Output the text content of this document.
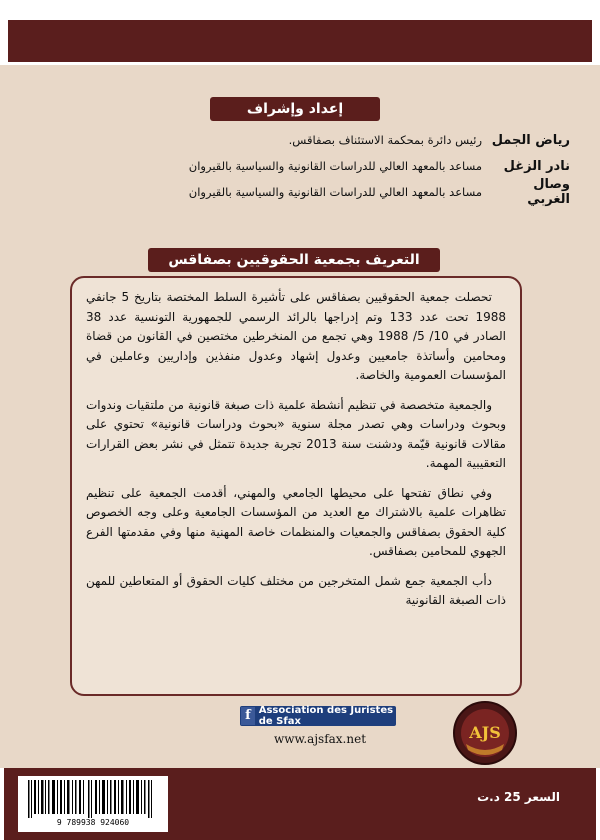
إعداد وإشراف
رياض الجمل
رئيس دائرة بمحكمة الاستئناف بصفاقس.
نادر الزغل
مساعد بالمعهد العالي للدراسات القانونية والسياسية بالقيروان
وصال الغربي
مساعد بالمعهد العالي للدراسات القانونية والسياسية بالقيروان
التعريف بجمعية الحقوقيين بصفاقس

تحصلت جمعية الحقوقيين بصفاقس على تأشيرة السلط المختصة بتاريخ 5 جانفي 1988 تحت عدد 133 وتم إدراجها بالرائد الرسمي للجمهورية التونسية عدد 38 الصادر في 10/ 5/ 1988 وهي تجمع من المنخرطين مختصين في القانون من قضاة ومحامين وأساتذة جامعيين وعدول إشهاد وعدول منفذين وإداريين وعاملين في المؤسسات العمومية والخاصة.

والجمعية متخصصة في تنظيم أنشطة علمية ذات صبغة قانونية من ملتقيات وندوات وبحوث ودراسات وهي تصدر مجلة سنوية «بحوث ودراسات قانونية» تحتوي على مقالات قانونية قيّمة ودشنت سنة 2013 تجربة جديدة تتمثل في نشر بعض القرارات التعقيبية المهمة.

وفي نطاق تفتحها على محيطها الجامعي والمهني، أقدمت الجمعية على تنظيم تظاهرات علمية بالاشتراك مع العديد من المؤسسات الجامعية وعلى وجه الخصوص كلية الحقوق بصفاقس والجمعيات والمنظمات خاصة المهنية منها وفي مقدمتها الفرع الجهوي للمحامين بصفاقس.

دأب الجمعية جمع شمل المتخرجين من مختلف كليات الحقوق أو المتعاطين للمهن ذات الصبغة القانونية

f Association des Juristes de Sfax
www.ajsfax.net	AJS
9 789938 924060
السعر 25 د.ت
